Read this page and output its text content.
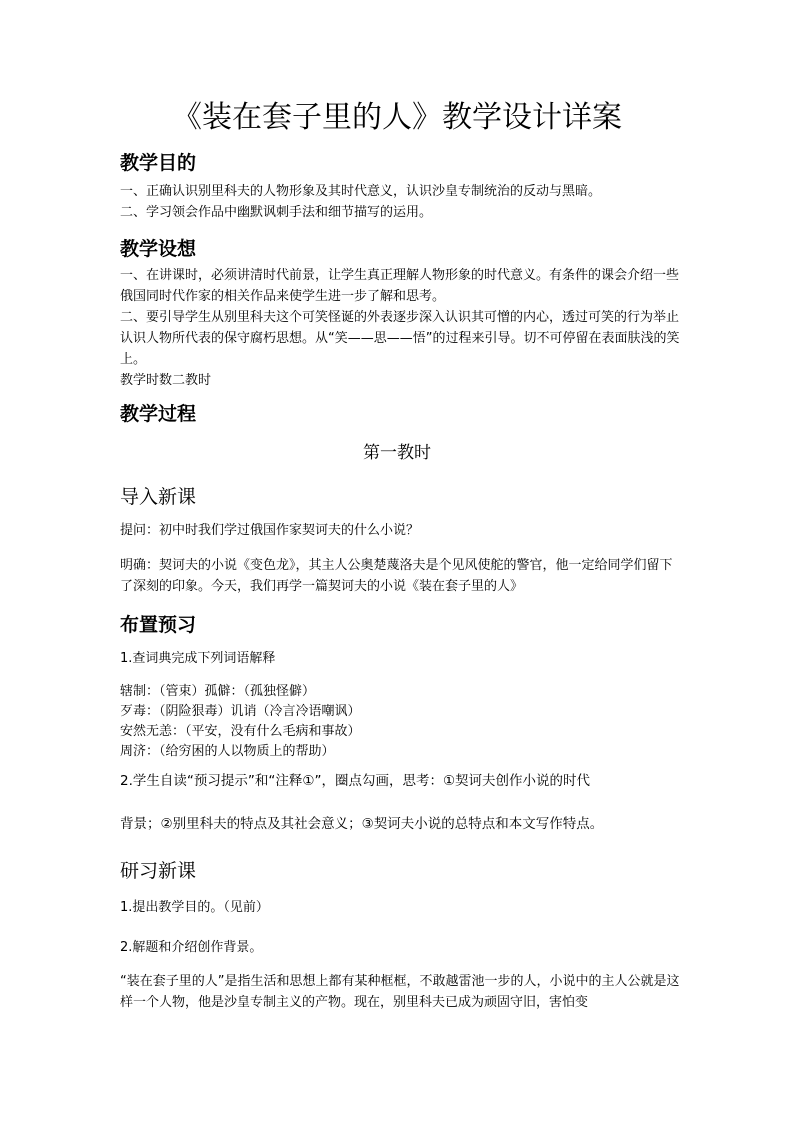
《装在套子里的人》教学设计详案
教学目的
一、正确认识别里科夫的人物形象及其时代意义，认识沙皇专制统治的反动与黑暗。
二、学习领会作品中幽默讽刺手法和细节描写的运用。
教学设想
一、在讲课时，必须讲清时代前景，让学生真正理解人物形象的时代意义。有条件的课会介绍一些俄国同时代作家的相关作品来使学生进一步了解和思考。
二、要引导学生从别里科夫这个可笑怪诞的外表逐步深入认识其可憎的内心，透过可笑的行为举止认识人物所代表的保守腐朽思想。从“笑——思——悟”的过程来引导。切不可停留在表面肤浅的笑上。
教学时数二教时
教学过程
第一教时
导入新课
提问：初中时我们学过俄国作家契诃夫的什么小说？
明确：契诃夫的小说《变色龙》，其主人公奥楚蔑洛夫是个见风使舵的警官，他一定给同学们留下了深刻的印象。今天，我们再学一篇契诃夫的小说《装在套子里的人》
布置预习
1.查词典完成下列词语解释
辖制：（管束）孤僻：（孤独怪僻）
歹毒：（阴险狠毒）讥诮（冷言冷语嘲讽）
安然无恙：（平安，没有什么毛病和事故）
周济：（给穷困的人以物质上的帮助）
2.学生自读“预习提示”和“注释①”，圈点勾画，思考：①契诃夫创作小说的时代
背景；②别里科夫的特点及其社会意义；③契诃夫小说的总特点和本文写作特点。
研习新课
1.提出教学目的。（见前）
2.解题和介绍创作背景。
“装在套子里的人”是指生活和思想上都有某种框框，不敢越雷池一步的人，小说中的主人公就是这样一个人物，他是沙皇专制主义的产物。现在，别里科夫已成为顽固守旧，害怕变
